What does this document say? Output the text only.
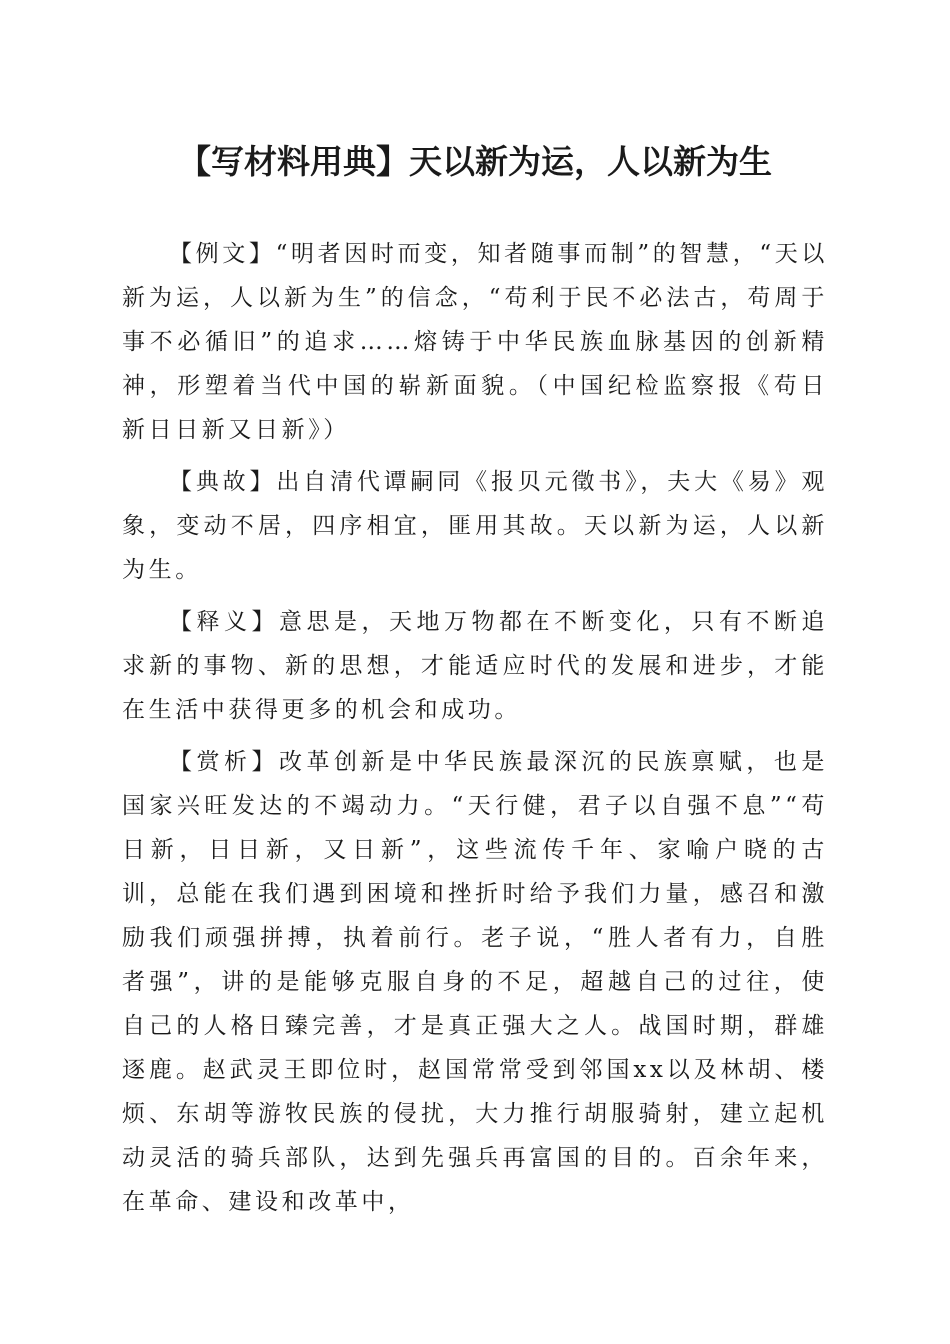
【写材料用典】天以新为运，人以新为生

【例文】“明者因时而变，知者随事而制”的智慧，“天以新为运，人以新为生”的信念，“苟利于民不必法古，苟周于事不必循旧”的追求……熔铸于中华民族血脉基因的创新精神，形塑着当代中国的崭新面貌。（中国纪检监察报《苟日新日日新又日新》）

【典故】出自清代谭嗣同《报贝元徵书》，夫大《易》观象，变动不居，四序相宜，匪用其故。天以新为运，人以新为生。

【释义】意思是，天地万物都在不断变化，只有不断追求新的事物、新的思想，才能适应时代的发展和进步，才能在生活中获得更多的机会和成功。

【赏析】改革创新是中华民族最深沉的民族禀赋，也是国家兴旺发达的不竭动力。“天行健，君子以自强不息”“苟日新，日日新，又日新”，这些流传千年、家喻户晓的古训，总能在我们遇到困境和挫折时给予我们力量，感召和激励我们顽强拼搏，执着前行。老子说，“胜人者有力，自胜者强”，讲的是能够克服自身的不足，超越自己的过往，使自己的人格日臻完善，才是真正强大之人。战国时期，群雄逐鹿。赵武灵王即位时，赵国常常受到邻国xx以及林胡、楼烦、东胡等游牧民族的侵扰，大力推行胡服骑射，建立起机动灵活的骑兵部队，达到先强兵再富国的目的。百余年来，在革命、建设和改革中，
